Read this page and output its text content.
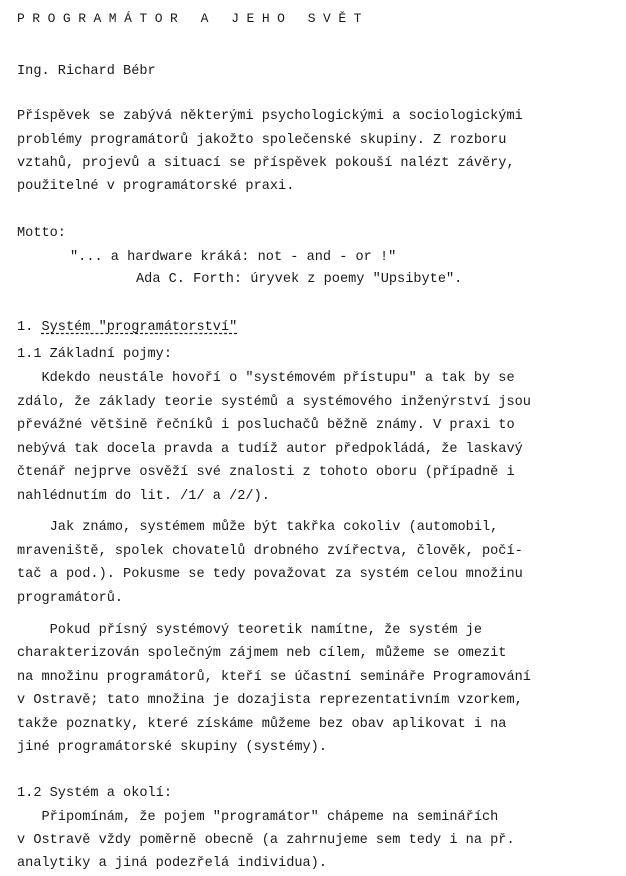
PROGRAMÁTOR A JEHO SVĚT
Ing. Richard Bébr
Příspěvek se zabývá některými psychologickými a sociologickými
problémy programátorů jakožto společenské skupiny. Z rozboru
vztahů, projevů a situací se příspěvek pokouší nalézt závěry,
použitelné v programátorské praxi.
Motto:
"... a hardware kráká: not - and - or !"
Ada C. Forth: úryvek z poemy "Upsibyte".
1. Systém "programátorství"
1.1 Základní pojmy:
Kdekdo neustále hovoří o "systémovém přístupu" a tak by se
zdálo, že základy teorie systémů a systémového inženýrství jsou
převážné většině řečníků i posluchačů běžně známy. V praxi to
nebývá tak docela pravda a tudíž autor předpokládá, že laskavý
čtenář nejprve osvěží své znalosti z tohoto oboru (případně i
nahlédnutím do lit. /1/ a /2/).
Jak známo, systémem může být takřka cokoliv (automobil,
mraveniště, spolek chovatelů drobného zvířectva, člověk, počí-
tač a pod.). Pokusme se tedy považovat za systém celou množinu
programátorů.
Pokud přísný systémový teoretik namítne, že systém je
charakterizován společným zájmem neb cílem, můžeme se omezit
na množinu programátorů, kteří se účastní semináře Programování
v Ostravě; tato množina je dozajista reprezentativním vzorkem,
takže poznatky, které získáme můžeme bez obav aplikovat i na
jiné programátorské skupiny (systémy).
1.2 Systém a okolí:
Připomínám, že pojem "programátor" chápeme na seminářích
v Ostravě vždy poměrně obecně (a zahrnujeme sem tedy i na př.
analytiky a jiná podezřelá individua).
